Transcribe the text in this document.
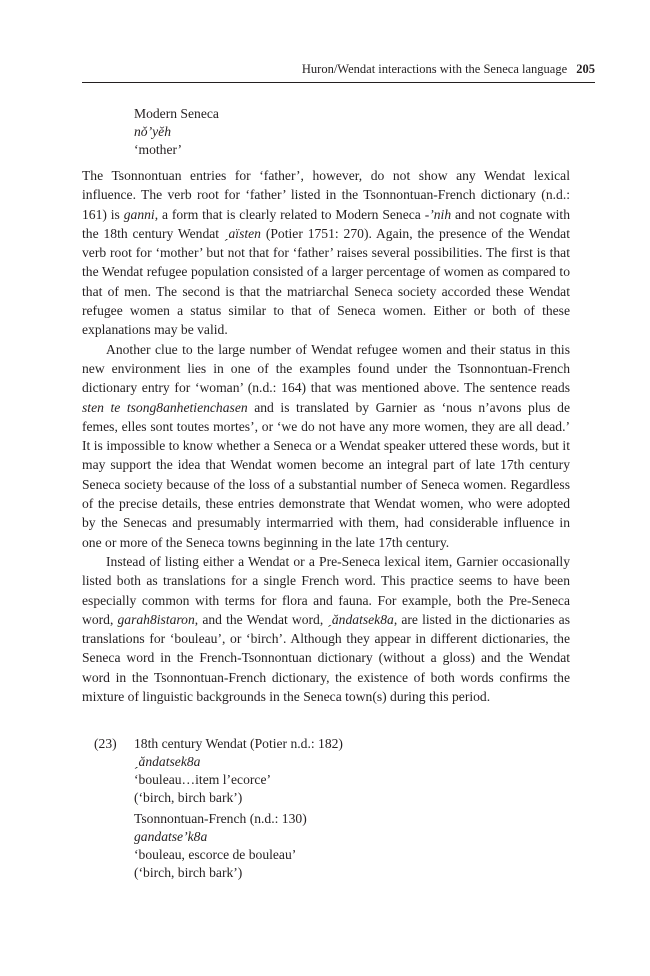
Huron/Wendat interactions with the Seneca language 205
Modern Seneca
nǒ’yĕh
‘mother’

The Tsonnontuan entries for ‘father’, however, do not show any Wendat lexical influence. The verb root for ‘father’ listed in the Tsonnontuan-French dictionary (n.d.: 161) is ganni, a form that is clearly related to Modern Seneca -’nih and not cognate with the 18th century Wendat ˏaïsten (Potier 1751: 270). Again, the presence of the Wendat verb root for ‘mother’ but not that for ‘father’ raises several possibilities. The first is that the Wendat refugee population consisted of a larger percentage of women as compared to that of men. The second is that the matriarchal Seneca society accorded these Wendat refugee women a status similar to that of Seneca women. Either or both of these explanations may be valid.

Another clue to the large number of Wendat refugee women and their status in this new environment lies in one of the examples found under the Tsonnontuan-French dictionary entry for ‘woman’ (n.d.: 164) that was mentioned above. The sentence reads sten te tsong8anhetienchasen and is translated by Garnier as ‘nous n’avons plus de femes, elles sont toutes mortes’, or ‘we do not have any more women, they are all dead.’ It is impossible to know whether a Seneca or a Wendat speaker uttered these words, but it may support the idea that Wendat women become an integral part of late 17th century Seneca society because of the loss of a substantial number of Seneca women. Regardless of the precise details, these entries demonstrate that Wendat women, who were adopted by the Senecas and presumably intermarried with them, had considerable influence in one or more of the Seneca towns beginning in the late 17th century.

Instead of listing either a Wendat or a Pre-Seneca lexical item, Garnier occasionally listed both as translations for a single French word. This practice seems to have been especially common with terms for flora and fauna. For example, both the Pre-Seneca word, garah8istaron, and the Wendat word, ˏăndatsek8a, are listed in the dictionaries as translations for ‘bouleau’, or ‘birch’. Although they appear in different dictionaries, the Seneca word in the French-Tsonnontuan dictionary (without a gloss) and the Wendat word in the Tsonnontuan-French dictionary, the existence of both words confirms the mixture of linguistic backgrounds in the Seneca town(s) during this period.

(23) 18th century Wendat (Potier n.d.: 182)
ˏăndatsek8a
‘bouleau…item l’ecorce’
(‘birch, birch bark’)
Tsonnontuan-French (n.d.: 130)
gandatse’k8a
‘bouleau, escorce de bouleau’
(‘birch, birch bark’)
